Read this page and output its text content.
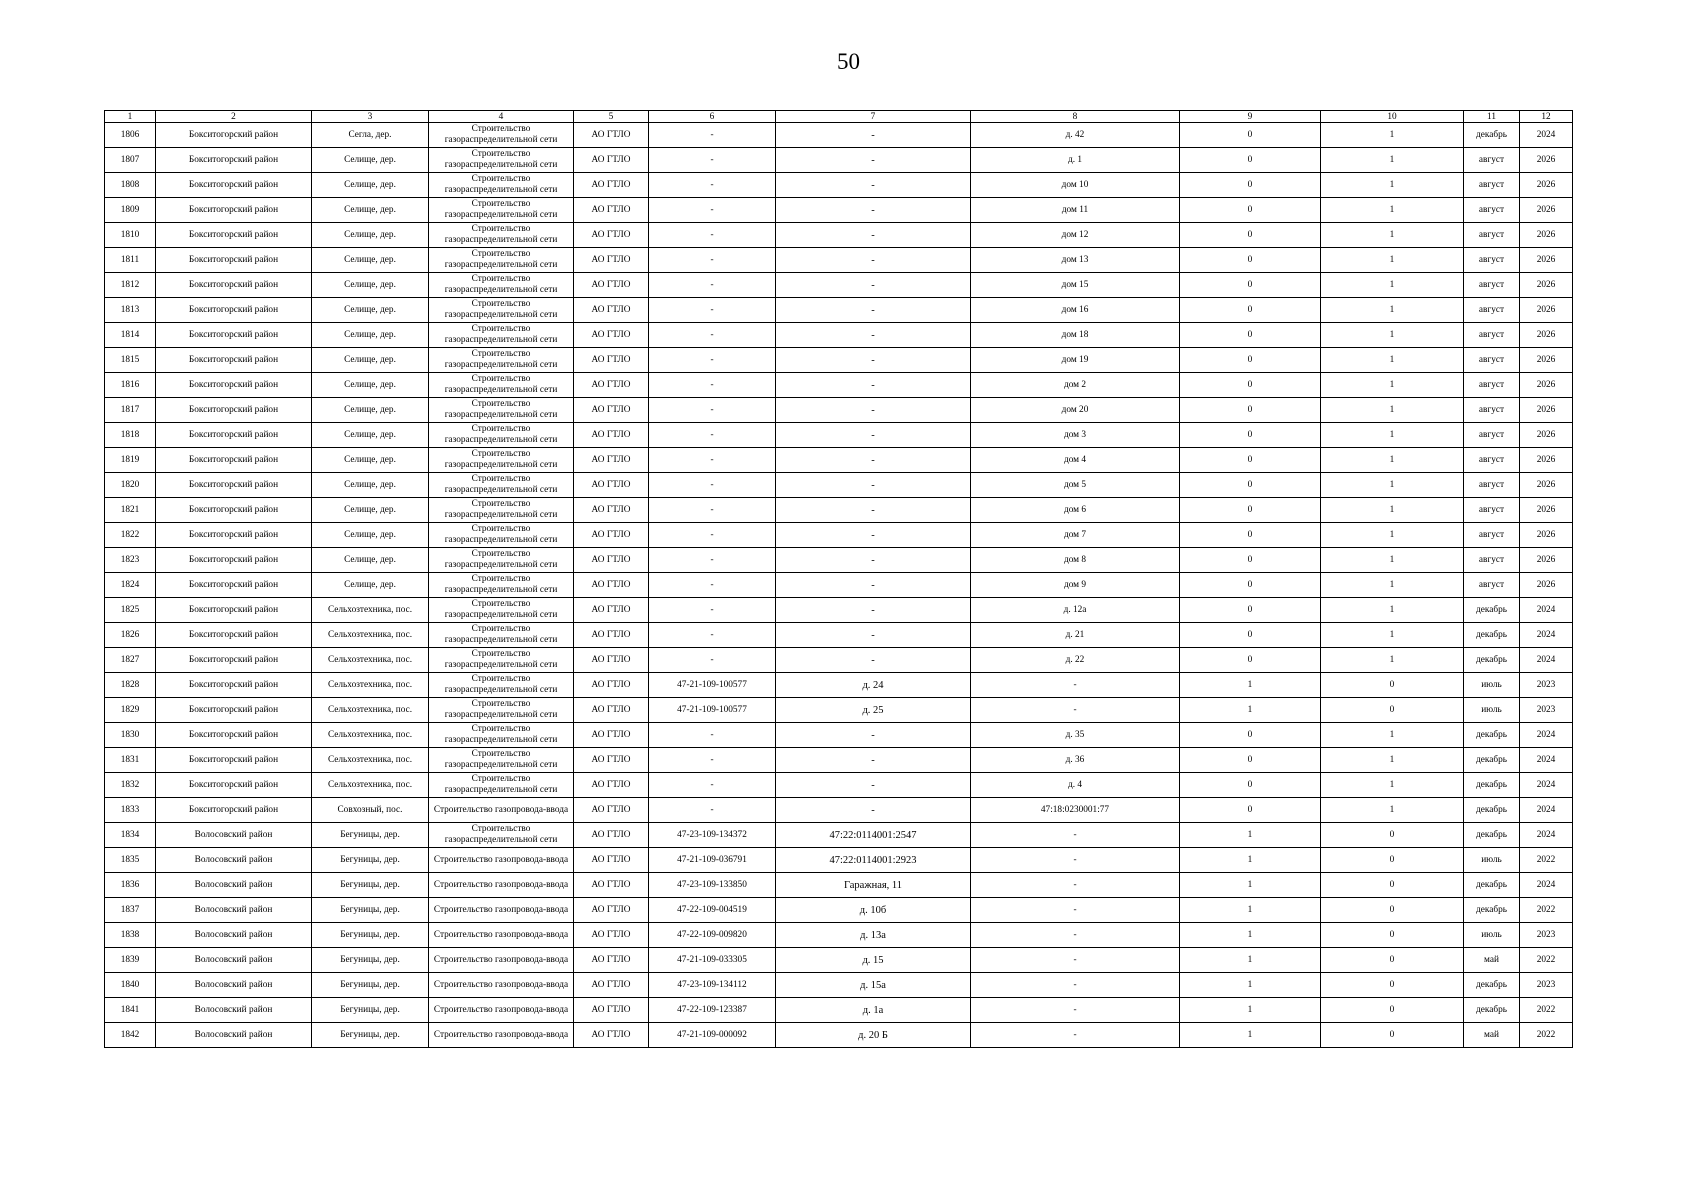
50
1	2	3	4	5	6	7	8	9	10	11	12
1806	Бокситогорский район	Сегла, дер.	Строительство газораспределительной сети	АО ГТЛО	-	-	д. 42	0	1	декабрь	2024
1807	Бокситогорский район	Селище, дер.	Строительство газораспределительной сети	АО ГТЛО	-	-	д. 1	0	1	август	2026
1808	Бокситогорский район	Селище, дер.	Строительство газораспределительной сети	АО ГТЛО	-	-	дом 10	0	1	август	2026
1809	Бокситогорский район	Селище, дер.	Строительство газораспределительной сети	АО ГТЛО	-	-	дом 11	0	1	август	2026
1810	Бокситогорский район	Селище, дер.	Строительство газораспределительной сети	АО ГТЛО	-	-	дом 12	0	1	август	2026
1811	Бокситогорский район	Селище, дер.	Строительство газораспределительной сети	АО ГТЛО	-	-	дом 13	0	1	август	2026
1812	Бокситогорский район	Селище, дер.	Строительство газораспределительной сети	АО ГТЛО	-	-	дом 15	0	1	август	2026
1813	Бокситогорский район	Селище, дер.	Строительство газораспределительной сети	АО ГТЛО	-	-	дом 16	0	1	август	2026
1814	Бокситогорский район	Селище, дер.	Строительство газораспределительной сети	АО ГТЛО	-	-	дом 18	0	1	август	2026
1815	Бокситогорский район	Селище, дер.	Строительство газораспределительной сети	АО ГТЛО	-	-	дом 19	0	1	август	2026
1816	Бокситогорский район	Селище, дер.	Строительство газораспределительной сети	АО ГТЛО	-	-	дом 2	0	1	август	2026
1817	Бокситогорский район	Селище, дер.	Строительство газораспределительной сети	АО ГТЛО	-	-	дом 20	0	1	август	2026
1818	Бокситогорский район	Селище, дер.	Строительство газораспределительной сети	АО ГТЛО	-	-	дом 3	0	1	август	2026
1819	Бокситогорский район	Селище, дер.	Строительство газораспределительной сети	АО ГТЛО	-	-	дом 4	0	1	август	2026
1820	Бокситогорский район	Селище, дер.	Строительство газораспределительной сети	АО ГТЛО	-	-	дом 5	0	1	август	2026
1821	Бокситогорский район	Селище, дер.	Строительство газораспределительной сети	АО ГТЛО	-	-	дом 6	0	1	август	2026
1822	Бокситогорский район	Селище, дер.	Строительство газораспределительной сети	АО ГТЛО	-	-	дом 7	0	1	август	2026
1823	Бокситогорский район	Селище, дер.	Строительство газораспределительной сети	АО ГТЛО	-	-	дом 8	0	1	август	2026
1824	Бокситогорский район	Селище, дер.	Строительство газораспределительной сети	АО ГТЛО	-	-	дом 9	0	1	август	2026
1825	Бокситогорский район	Сельхозтехника, пос.	Строительство газораспределительной сети	АО ГТЛО	-	-	д. 12а	0	1	декабрь	2024
1826	Бокситогорский район	Сельхозтехника, пос.	Строительство газораспределительной сети	АО ГТЛО	-	-	д. 21	0	1	декабрь	2024
1827	Бокситогорский район	Сельхозтехника, пос.	Строительство газораспределительной сети	АО ГТЛО	-	-	д. 22	0	1	декабрь	2024
1828	Бокситогорский район	Сельхозтехника, пос.	Строительство газораспределительной сети	АО ГТЛО	47-21-109-100577	д. 24	-	1	0	июль	2023
1829	Бокситогорский район	Сельхозтехника, пос.	Строительство газораспределительной сети	АО ГТЛО	47-21-109-100577	д. 25	-	1	0	июль	2023
1830	Бокситогорский район	Сельхозтехника, пос.	Строительство газораспределительной сети	АО ГТЛО	-	-	д. 35	0	1	декабрь	2024
1831	Бокситогорский район	Сельхозтехника, пос.	Строительство газораспределительной сети	АО ГТЛО	-	-	д. 36	0	1	декабрь	2024
1832	Бокситогорский район	Сельхозтехника, пос.	Строительство газораспределительной сети	АО ГТЛО	-	-	д. 4	0	1	декабрь	2024
1833	Бокситогорский район	Совхозный, пос.	Строительство газопровода-ввода	АО ГТЛО	-	-	47:18:0230001:77	0	1	декабрь	2024
1834	Волосовский район	Бегуницы, дер.	Строительство газораспределительной сети	АО ГТЛО	47-23-109-134372	47:22:0114001:2547	-	1	0	декабрь	2024
1835	Волосовский район	Бегуницы, дер.	Строительство газопровода-ввода	АО ГТЛО	47-21-109-036791	47:22:0114001:2923	-	1	0	июль	2022
1836	Волосовский район	Бегуницы, дер.	Строительство газопровода-ввода	АО ГТЛО	47-23-109-133850	Гаражная, 11	-	1	0	декабрь	2024
1837	Волосовский район	Бегуницы, дер.	Строительство газопровода-ввода	АО ГТЛО	47-22-109-004519	д. 10б	-	1	0	декабрь	2022
1838	Волосовский район	Бегуницы, дер.	Строительство газопровода-ввода	АО ГТЛО	47-22-109-009820	д. 13а	-	1	0	июль	2023
1839	Волосовский район	Бегуницы, дер.	Строительство газопровода-ввода	АО ГТЛО	47-21-109-033305	д. 15	-	1	0	май	2022
1840	Волосовский район	Бегуницы, дер.	Строительство газопровода-ввода	АО ГТЛО	47-23-109-134112	д. 15а	-	1	0	декабрь	2023
1841	Волосовский район	Бегуницы, дер.	Строительство газопровода-ввода	АО ГТЛО	47-22-109-123387	д. 1а	-	1	0	декабрь	2022
1842	Волосовский район	Бегуницы, дер.	Строительство газопровода-ввода	АО ГТЛО	47-21-109-000092	д. 20 Б	-	1	0	май	2022
